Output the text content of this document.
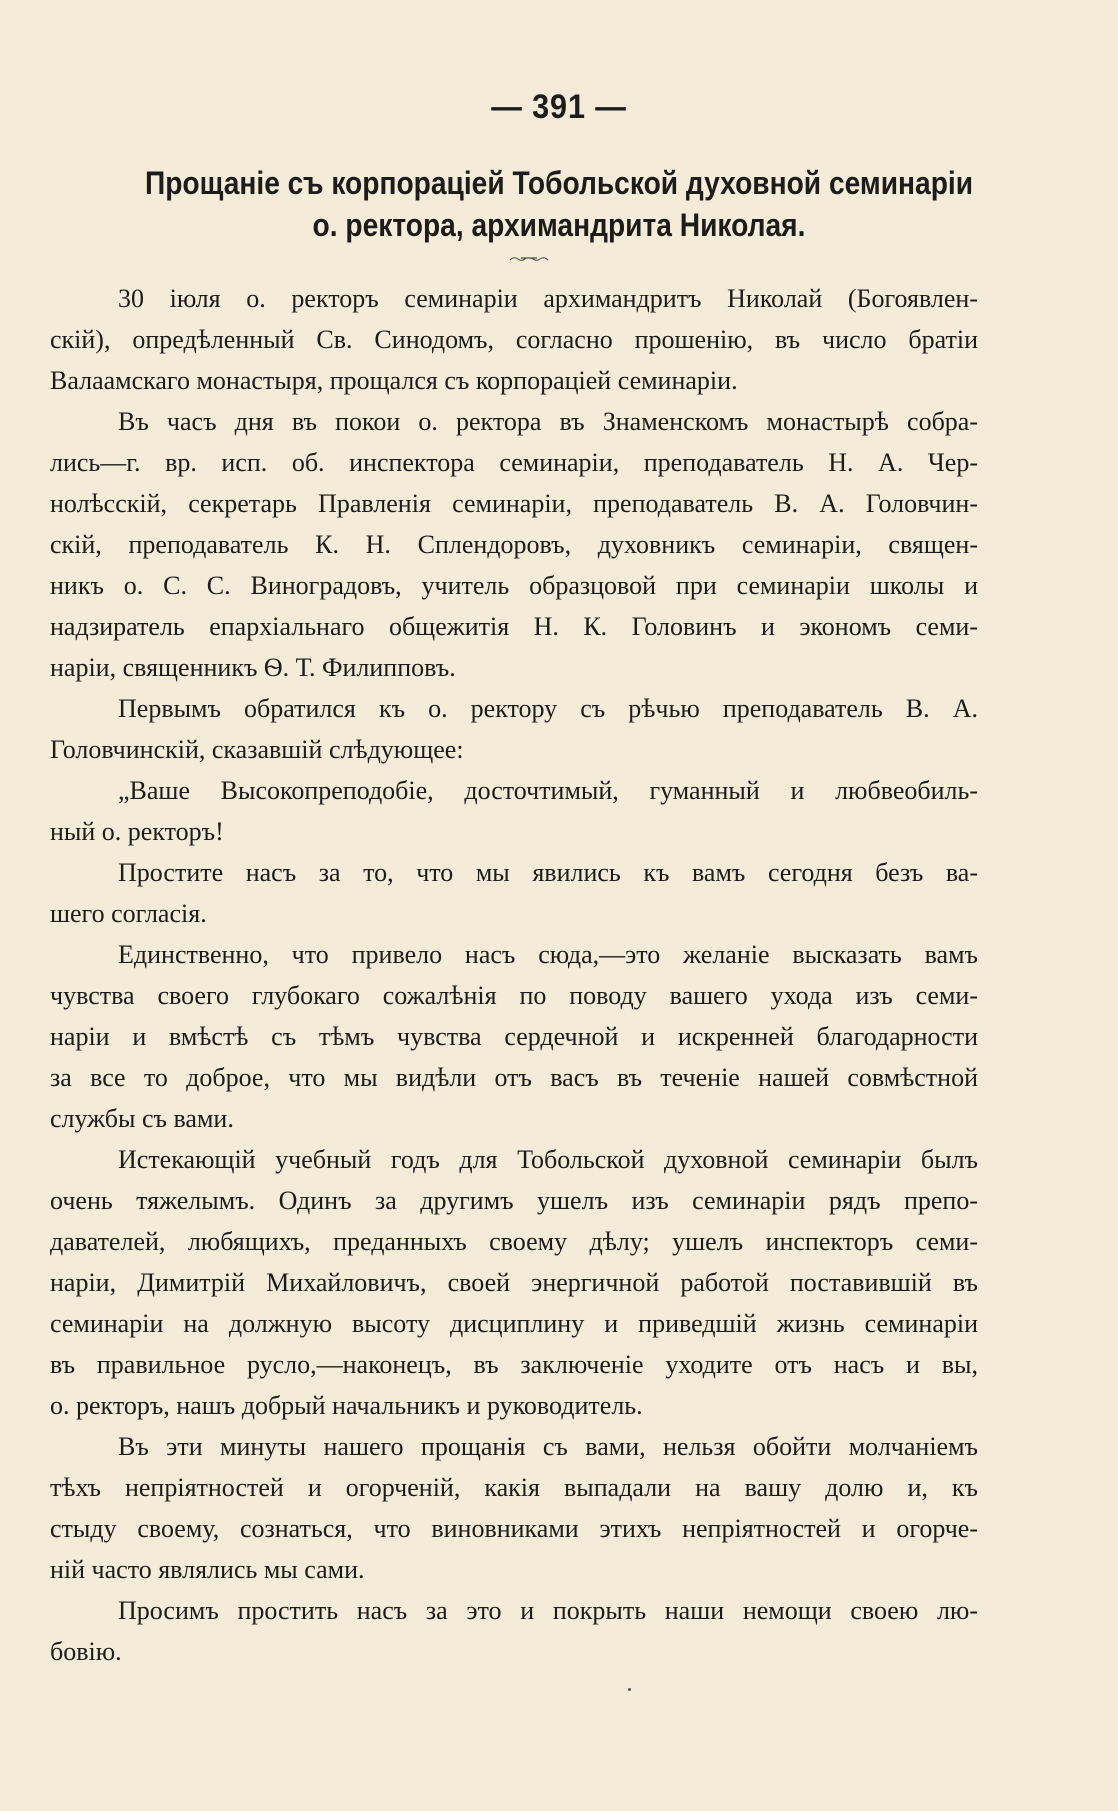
— 391 —
Прощаніе съ корпораціей Тобольской духовной семинаріи
о. ректора, архимандрита Николая.
30 іюля о. ректоръ семинаріи архимандритъ Николай (Богоявлен-
скій), опредѣленный Св. Синодомъ, согласно прошенію, въ число братіи
Валаамскаго монастыря, прощался съ корпораціей семинаріи.
Въ часъ дня въ покои о. ректора въ Знаменскомъ монастырѣ собра-
лись—г. вр. исп. об. инспектора семинаріи, преподаватель Н. А. Чер-
нолѣсскій, секретарь Правленія семинаріи, преподаватель В. А. Головчин-
скій, преподаватель К. Н. Сплендоровъ, духовникъ семинаріи, священ-
никъ о. С. С. Виноградовъ, учитель образцовой при семинаріи школы и
надзиратель епархіальнаго общежитія Н. К. Головинъ и экономъ семи-
наріи, священникъ Ѳ. Т. Филипповъ.
Первымъ обратился къ о. ректору съ рѣчью преподаватель В. А.
Головчинскій, сказавшій слѣдующее:
„Ваше Высокопреподобіе, досточтимый, гуманный и любвеобиль-
ный о. ректоръ!
Простите насъ за то, что мы явились къ вамъ сегодня безъ ва-
шего согласія.
Единственно, что привело насъ сюда,—это желаніе высказать вамъ
чувства своего глубокаго сожалѣнія по поводу вашего ухода изъ семи-
наріи и вмѣстѣ съ тѣмъ чувства сердечной и искренней благодарности
за все то доброе, что мы видѣли отъ васъ въ теченіе нашей совмѣстной
службы съ вами.
Истекающій учебный годъ для Тобольской духовной семинаріи былъ
очень тяжелымъ. Одинъ за другимъ ушелъ изъ семинаріи рядъ препо-
давателей, любящихъ, преданныхъ своему дѣлу; ушелъ инспекторъ семи-
наріи, Димитрій Михайловичъ, своей энергичной работой поставившій въ
семинаріи на должную высоту дисциплину и приведшій жизнь семинаріи
въ правильное русло,—наконецъ, въ заключеніе уходите отъ насъ и вы,
о. ректоръ, нашъ добрый начальникъ и руководитель.
Въ эти минуты нашего прощанія съ вами, нельзя обойти молчаніемъ
тѣхъ непріятностей и огорченій, какія выпадали на вашу долю и, къ
стыду своему, сознаться, что виновниками этихъ непріятностей и огорче-
ній часто являлись мы сами.
Просимъ простить насъ за это и покрыть наши немощи своею лю-
бовію.
